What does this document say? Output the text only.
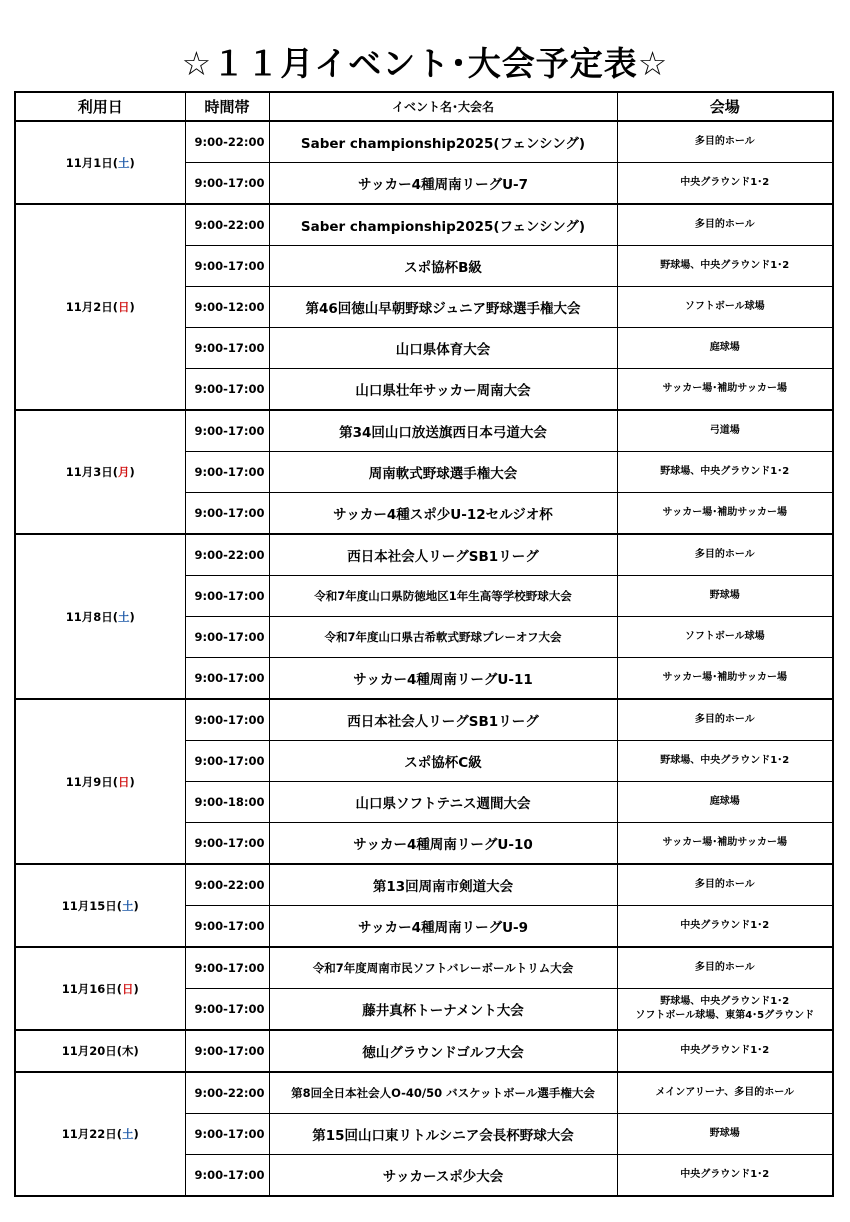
☆１１月イベント･大会予定表☆
利用日	時間帯	イベント名･大会名	会場
11月1日(土)	9:00-22:00	Saber championship2025(フェンシング)	多目的ホール

	9:00-17:00	サッカー4種周南リーグU-7	中央グラウンド1･2

11月2日(日)	9:00-22:00	Saber championship2025(フェンシング)	多目的ホール

	9:00-17:00	スポ協杯B級	野球場、中央グラウンド1･2

	9:00-12:00	第46回徳山早朝野球ジュニア野球選手権大会	ソフトボール球場

	9:00-17:00	山口県体育大会	庭球場

	9:00-17:00	山口県壮年サッカー周南大会	サッカー場･補助サッカー場

11月3日(月)	9:00-17:00	第34回山口放送旗西日本弓道大会	弓道場

	9:00-17:00	周南軟式野球選手権大会	野球場、中央グラウンド1･2

	9:00-17:00	サッカー4種スポ少U-12セルジオ杯	サッカー場･補助サッカー場

11月8日(土)	9:00-22:00	西日本社会人リーグSB1リーグ	多目的ホール

	9:00-17:00	令和7年度山口県防徳地区1年生高等学校野球大会	野球場

	9:00-17:00	令和7年度山口県古希軟式野球プレーオフ大会	ソフトボール球場

	9:00-17:00	サッカー4種周南リーグU-11	サッカー場･補助サッカー場

11月9日(日)	9:00-17:00	西日本社会人リーグSB1リーグ	多目的ホール

	9:00-17:00	スポ協杯C級	野球場、中央グラウンド1･2

	9:00-18:00	山口県ソフトテニス週間大会	庭球場

	9:00-17:00	サッカー4種周南リーグU-10	サッカー場･補助サッカー場

11月15日(土)	9:00-22:00	第13回周南市剣道大会	多目的ホール

	9:00-17:00	サッカー4種周南リーグU-9	中央グラウンド1･2

11月16日(日)	9:00-17:00	令和7年度周南市民ソフトバレーボールトリム大会	多目的ホール

	9:00-17:00	藤井真杯トーナメント大会	野球場、中央グラウンド1･2
ソフトボール球場、東第4･5グラウンド

11月20日(木)	9:00-17:00	徳山グラウンドゴルフ大会	中央グラウンド1･2

11月22日(土)	9:00-22:00	第8回全日本社会人O-40/50 バスケットボール選手権大会	メインアリーナ、多目的ホール

	9:00-17:00	第15回山口東リトルシニア会長杯野球大会	野球場

	9:00-17:00	サッカースポ少大会	中央グラウンド1･2
